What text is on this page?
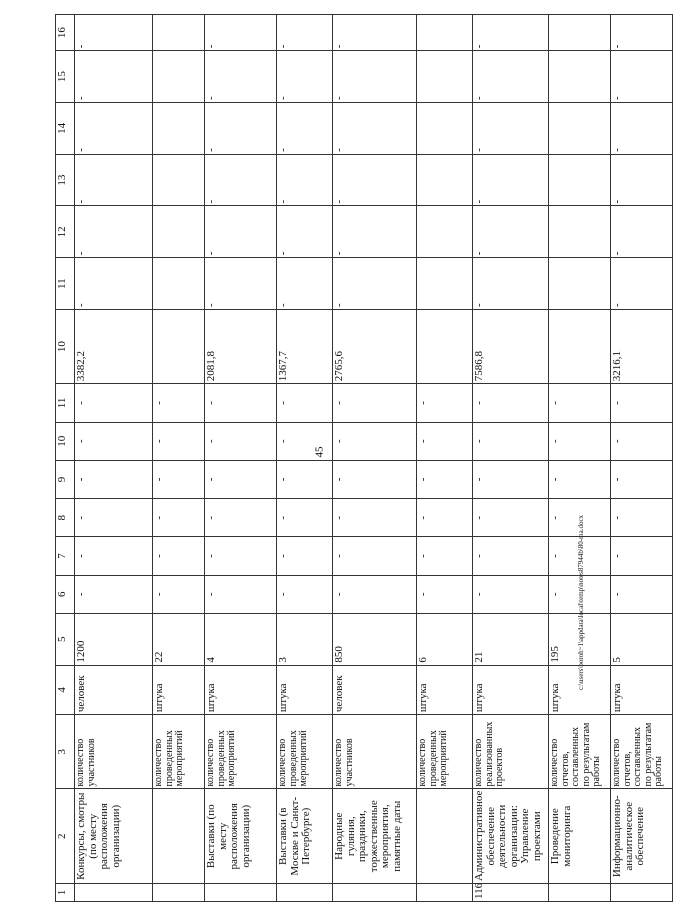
45
c:\users\boroh~1\appdata\local\temp\notes87944b\80-ma.docx
1	2	3	4	5	6	7	8	9	10	11	10	11	12	13	14	15	16
	Конкурсы, смотры (по месту расположения организации)	количество участников	человек	1200	-	-	-	-	-	-	3382,2	-	-	-	-	-	-
		количество проведенных мероприятий	штука	22	-	-	-	-	-	-							
	Выставки (по месту расположения организации)	количество проведенных мероприятий	штука	4	-	-	-	-	-	-	2081,8	-	-	-	-	-	-
	Выставки (в Москве и Санкт-Петербурге)	количество проведенных мероприятий	штука	3	-	-	-	-	-	-	1367,7	-	-	-	-	-	-
	Народные гуляния, праздники, торжественные мероприятия, памятные даты	количество участников	человек	850	-	-	-	-	-	-	2765,6	-	-	-	-	-	-
		количество проведенных мероприятий	штука	6	-	-	-	-	-	-							
116	Административное обеспечение деятельности организации: Управление проектами	количество реализованных проектов	штука	21	-	-	-	-	-	-	7586,8	-	-	-	-	-	-
	Проведение мониторинга	количество отчетов, составленных по результатам работы	штука	195	-	-	-	-	-	-							
	Информационно-аналитическое обеспечение	количество отчетов, составленных по результатам работы	штука	5	-	-	-	-	-	-	3216,1	-	-	-	-	-	-
